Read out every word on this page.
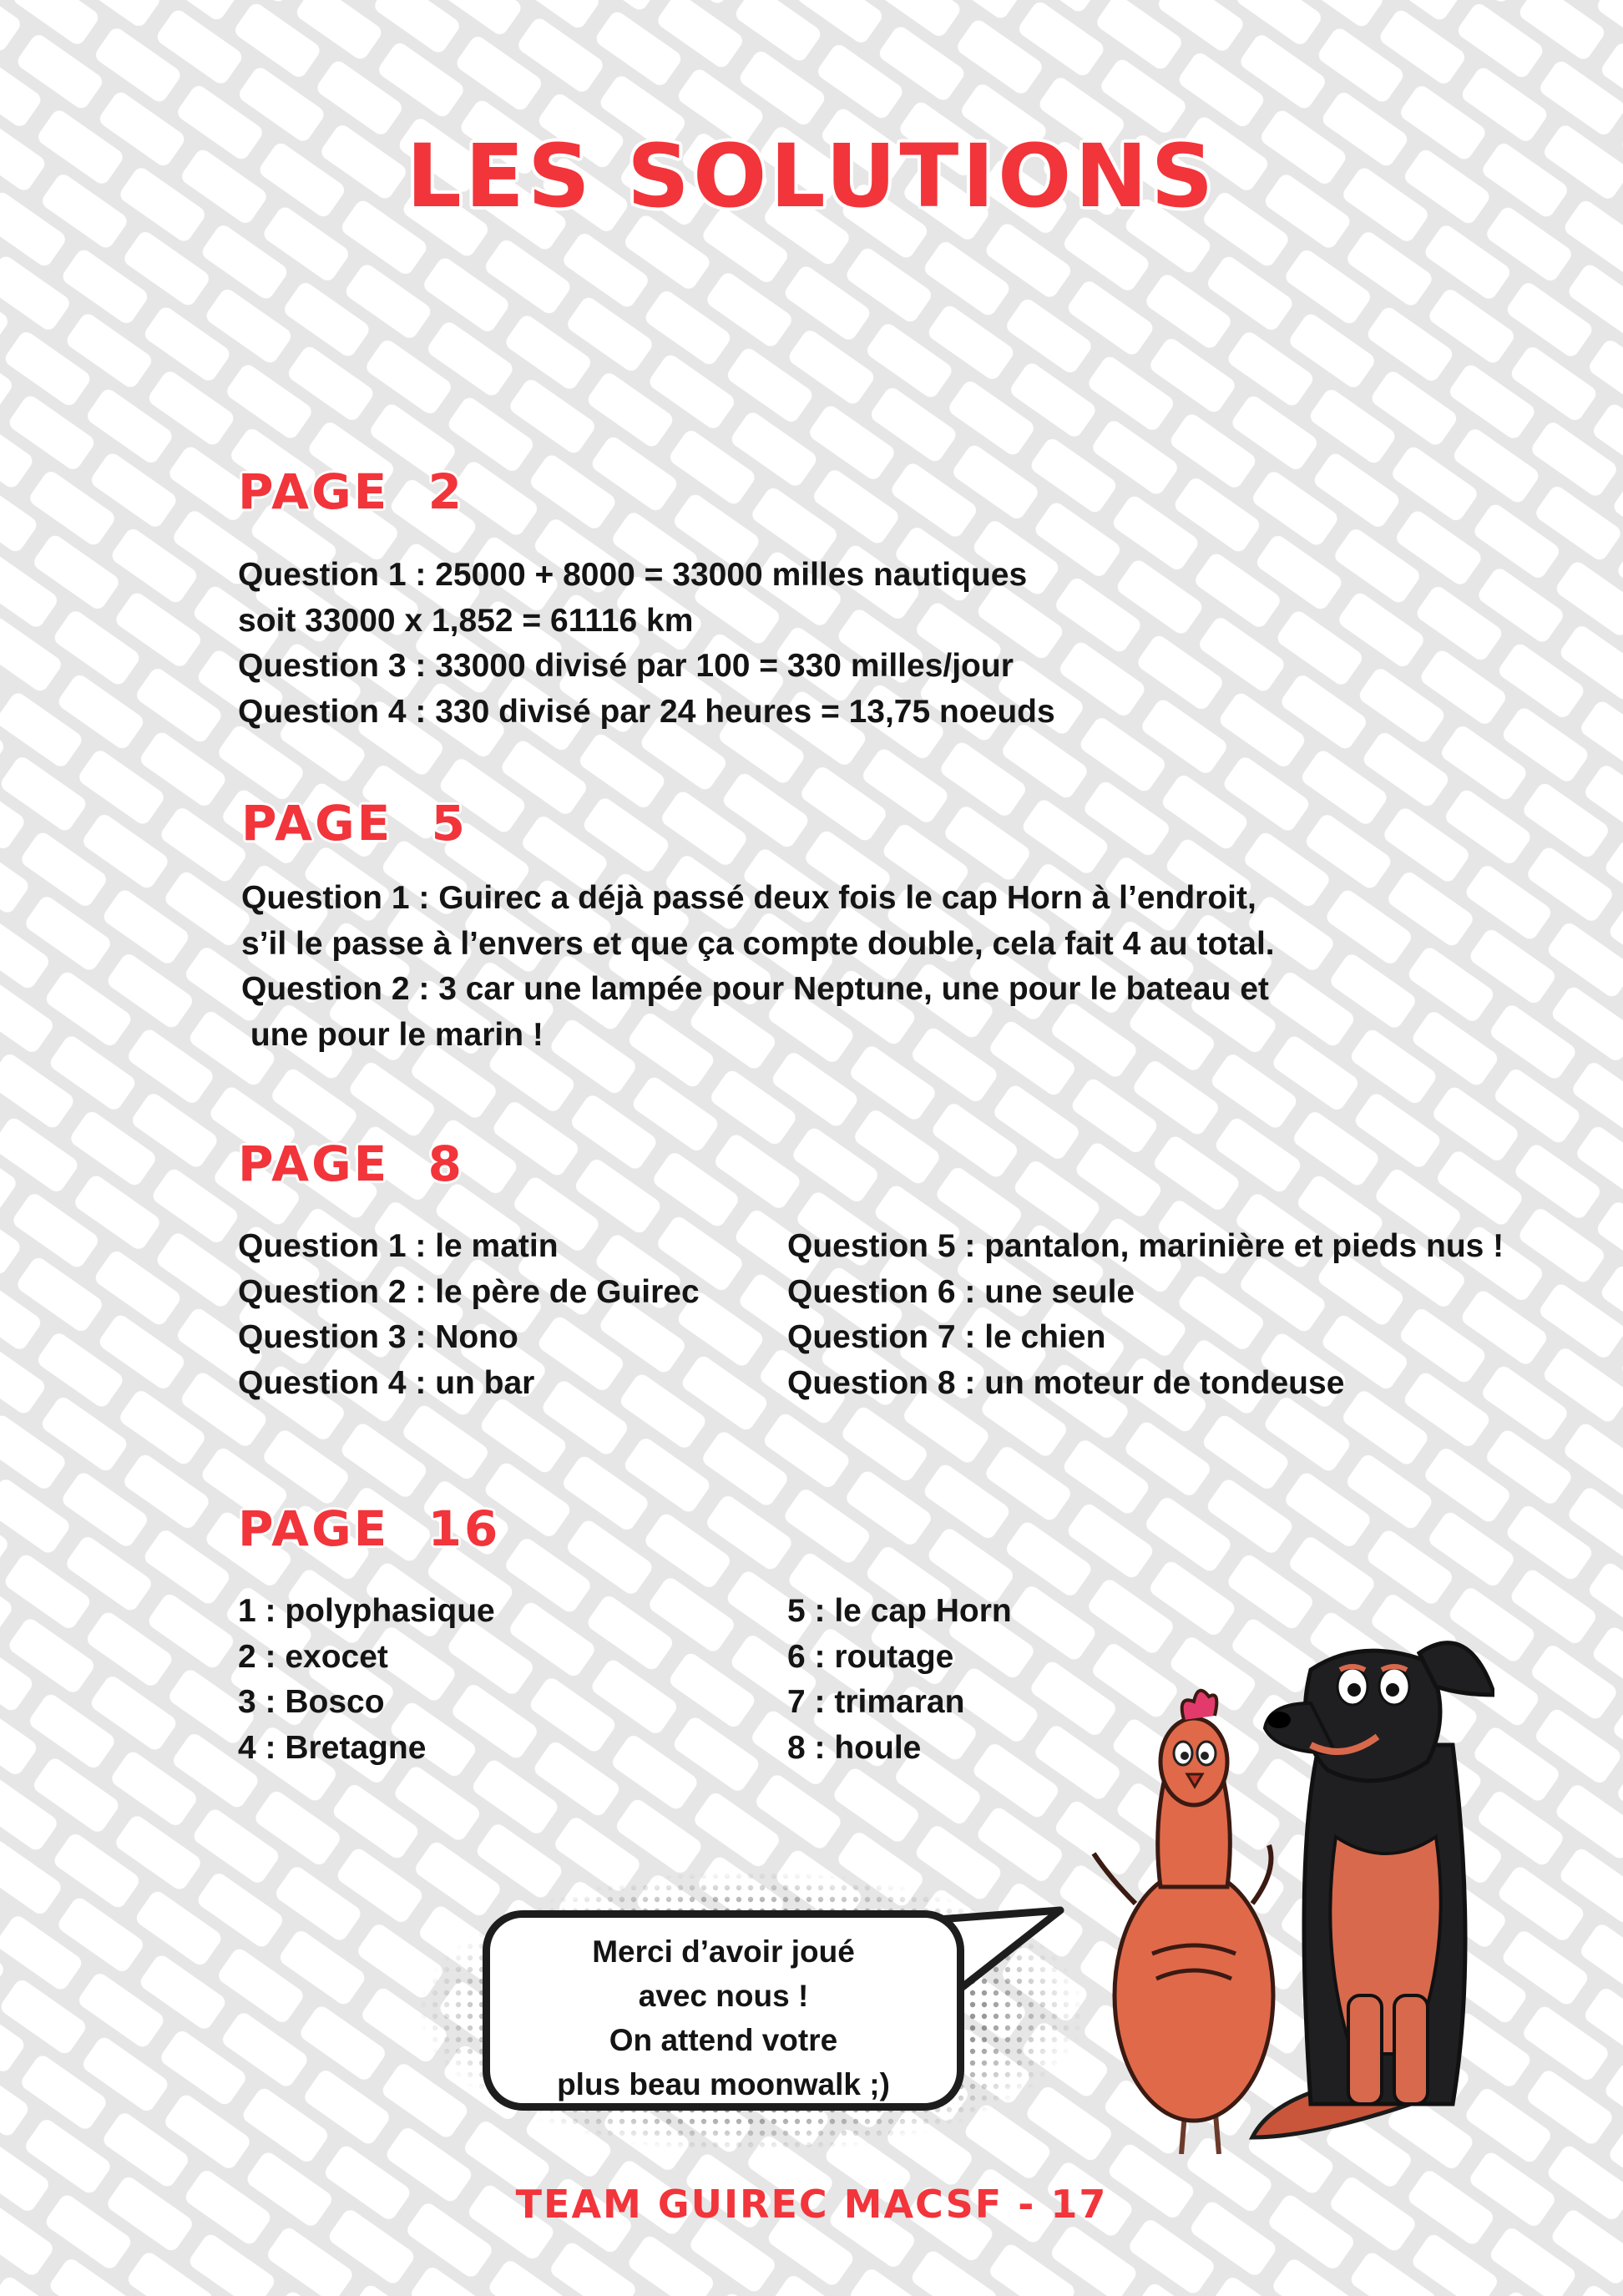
LES SOLUTIONS
PAGE  2
Question 1 : 25000 + 8000 = 33000 milles nautiques
soit 33000 x 1,852 = 61116 km
Question 3 : 33000 divisé par 100 = 330 milles/jour
Question 4 : 330 divisé par 24 heures = 13,75 noeuds
PAGE  5
Question 1 : Guirec a déjà passé deux fois le cap Horn à l’endroit,
s’il le passe à l’envers et que ça compte double, cela fait 4 au total.
Question 2 : 3 car une lampée pour Neptune, une pour le bateau et
une pour le marin !
PAGE  8
Question 1 : le matin
Question 2 : le père de Guirec
Question 3 : Nono
Question 4 : un bar
Question 5 : pantalon, marinière et pieds nus !
Question 6 : une seule
Question 7 : le chien
Question 8 : un moteur de tondeuse
PAGE  16
1 : polyphasique
2 : exocet
3 : Bosco
4 : Bretagne
5 : le cap Horn
6 : routage
7 : trimaran
8 : houle
Merci d’avoir joué
avec nous !
On attend votre
plus beau moonwalk ;)
TEAM GUIREC MACSF - 17
